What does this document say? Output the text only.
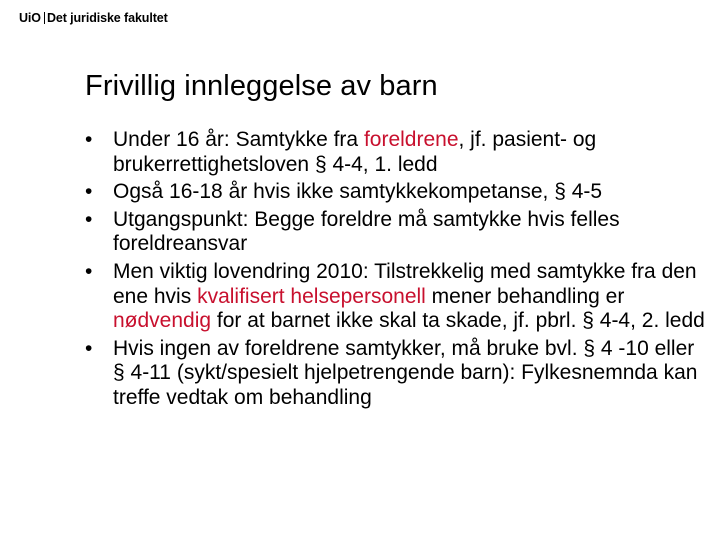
UiO Det juridiske fakultet
Frivillig innleggelse av barn
• Under 16 år: Samtykke fra foreldrene, jf. pasient- og brukerrettighetsloven § 4-4, 1. ledd
• Også 16-18 år hvis ikke samtykkekompetanse, § 4-5
• Utgangspunkt: Begge foreldre må samtykke hvis felles foreldreansvar
• Men viktig lovendring 2010: Tilstrekkelig med samtykke fra den ene hvis kvalifisert helsepersonell mener behandling er nødvendig for at barnet ikke skal ta skade, jf. pbrl. § 4-4, 2. ledd
• Hvis ingen av foreldrene samtykker, må bruke bvl. § 4 -10 eller § 4-11 (sykt/spesielt hjelpetrengende barn): Fylkesnemnda kan treffe vedtak om behandling
